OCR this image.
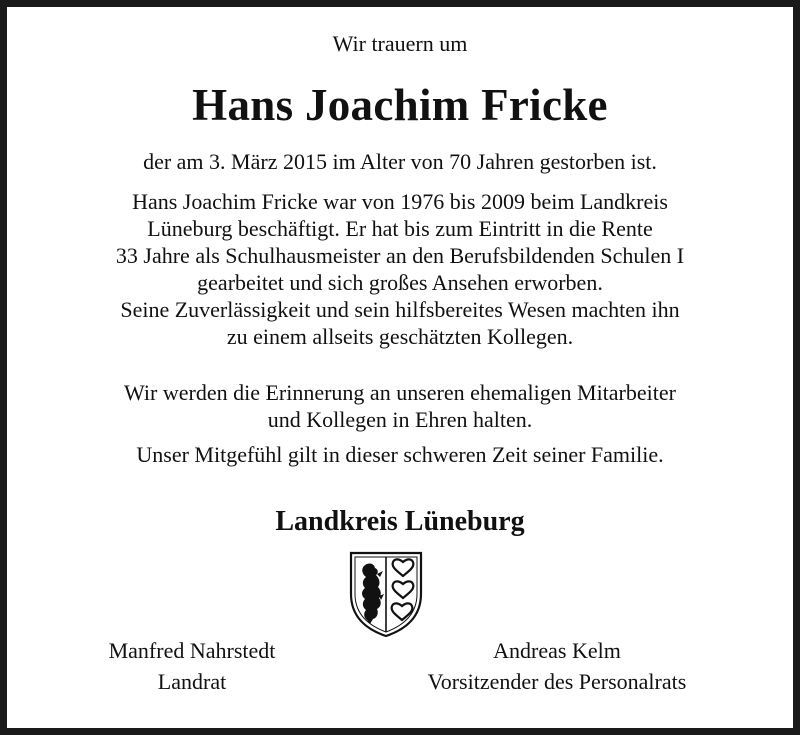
Wir trauern um
Hans Joachim Fricke
der am 3. März 2015 im Alter von 70 Jahren gestorben ist.
Hans Joachim Fricke war von 1976 bis 2009 beim Landkreis
Lüneburg beschäftigt. Er hat bis zum Eintritt in die Rente
33 Jahre als Schulhausmeister an den Berufsbildenden Schulen I
gearbeitet und sich großes Ansehen erworben.
Seine Zuverlässigkeit und sein hilfsbereites Wesen machten ihn
zu einem allseits geschätzten Kollegen.
Wir werden die Erinnerung an unseren ehemaligen Mitarbeiter
und Kollegen in Ehren halten.
Unser Mitgefühl gilt in dieser schweren Zeit seiner Familie.
Landkreis Lüneburg
Manfred Nahrstedt
Landrat
Andreas Kelm
Vorsitzender des Personalrats
